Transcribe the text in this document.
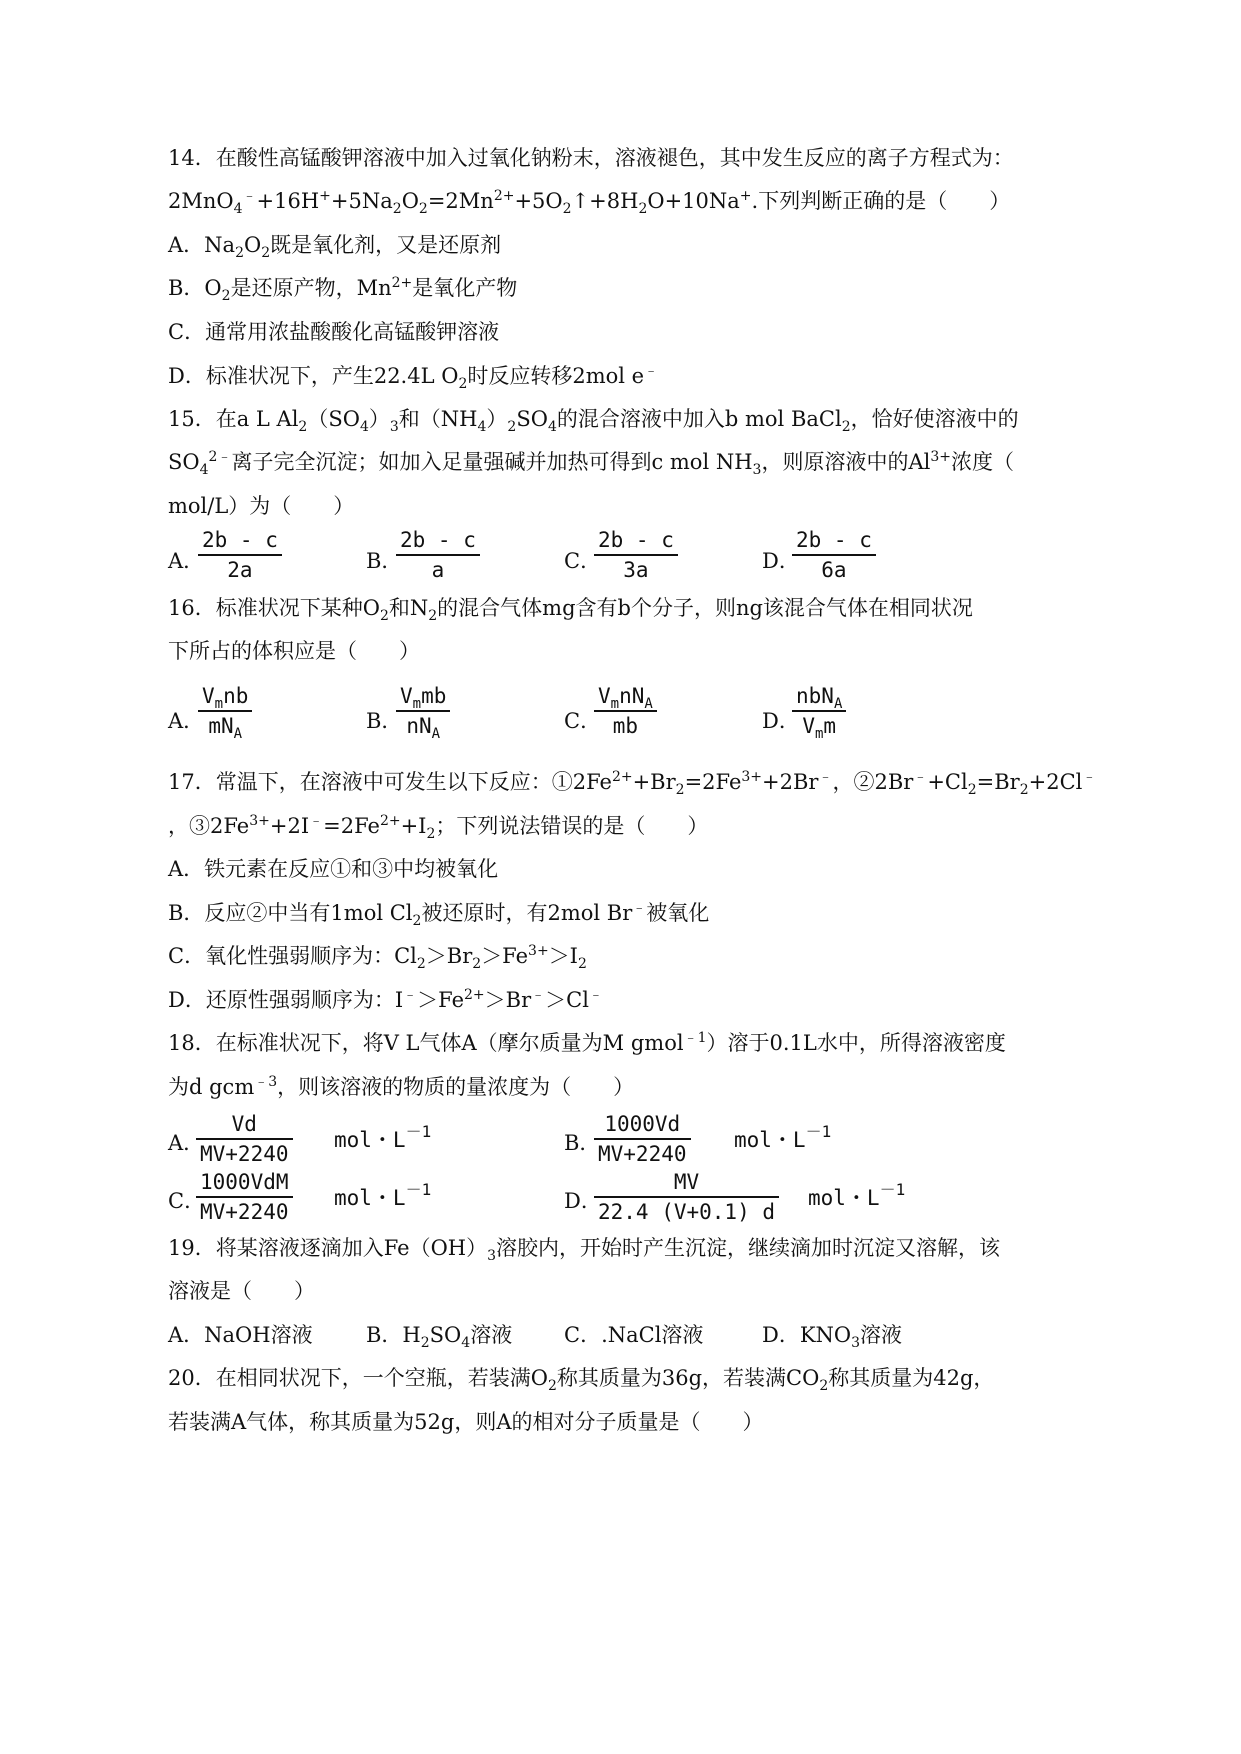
14．在酸性高锰酸钾溶液中加入过氧化钠粉末，溶液褪色，其中发生反应的离子方程式为：
$2MnO_4^﹣+16H^++5Na_2O_2=2Mn^{2+}+5O_2↑+8H_2O+10Na^+$.下列判断正确的是（　　）
A．$Na_2O_2$既是氧化剂，又是还原剂
B．$O_2$是还原产物，$Mn^{2+}$是氧化产物
C．通常用浓盐酸酸化高锰酸钾溶液
D．标准状况下，产生22.4L $O_2$时反应转移2mol e﹣
15．在a L $Al_2(SO_4)_3$和$(NH_4)_2SO_4$的混合溶液中加入b mol BaCl$_2$，恰好使溶液中的
$SO_4^{2﹣}$离子完全沉淀；如加入足量强碱并加热可得到c mol $NH_3$，则原溶液中的$Al^{3+}$浓度（
mol/L）为（　　）
A．
$\frac{2b - c}{2a}$	B．
$\frac{2b - c}{a}$	C．
$\frac{2b - c}{3a}$	D．
$\frac{2b - c}{6a}$
16．标准状况下某种$O_2$和$N_2$的混合气体mg含有b个分子，则ng该混合气体在相同状况
下所占的体积应是（　　）
A．
$V_mnb$
$mN_A$
B．
$V_mmb$
$nN_A$
C．
$V_mnN_A$
mb	D．
nbN$_A$
$V_mm$
17．常温下，在溶液中可发生以下反应：$①2Fe^{2+}+Br_2=2Fe^{3+}+2Br^﹣$，$②2Br^﹣+Cl_2=Br_2+2Cl^﹣$
，$③2Fe^{3+}+2I^﹣=2Fe^{2+}+I_2$；下列说法错误的是（　　）
A．铁元素在反应①和③中均被氧化
B．反应②中当有1mol $Cl_2$被还原时，有2mol Br﹣被氧化
C．氧化性强弱顺序为：$Cl_2>Br_2>Fe^{3+}>I_2$
D．还原性强弱顺序为：$I^﹣>Fe^{2+}>Br^﹣>Cl^﹣$
18．在标准状况下，将V L气体A（摩尔质量为M gmol$^{﹣1}$）溶于0.1L水中，所得溶液密度
为d gcm$^{﹣3}$，则该溶液的物质的量浓度为（　　）
A．
$\frac{Vd}{MV+2240}$ mol・$L^{-1}$	B．
$\frac{1000Vd}{MV+2240}$ mol・$L^{-1}$
C．
1000VdM
MV+2240
mol・$L^{-1}$	D．
$\frac{MV}{22.4 (V+0.1) d}$ mol・$L^{-1}$
19．将某溶液逐滴加入$Fe(OH)_3$溶胶内，开始时产生沉淀，继续滴加时沉淀又溶解，该
溶液是（　　）
A．NaOH溶液	B．$H_2SO_4$溶液 C．.NaCl溶液	D．$KNO_3$溶液
20．在相同状况下，一个空瓶，若装满$O_2$称其质量为36g，若装满$CO_2$称其质量为42g，
若装满A气体，称其质量为52g，则A的相对分子质量是（　　）
